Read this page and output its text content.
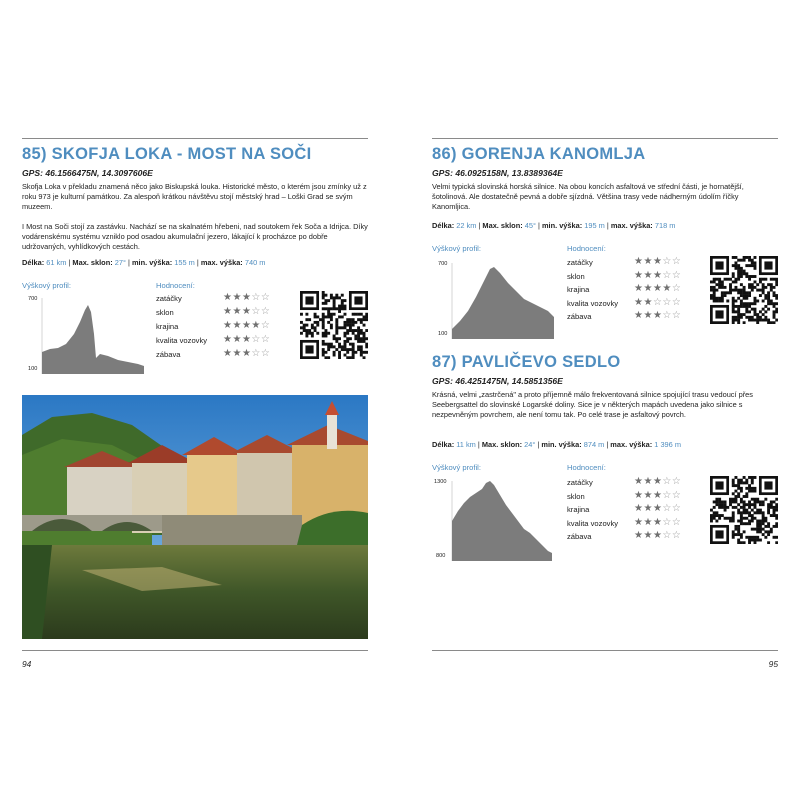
85) SKOFJA LOKA - MOST NA SOČI
GPS: 46.1566475N, 14.3097606E

Skofja Loka v překladu znamená něco jako Biskupská louka. Historické město, o kterém jsou zmínky už z roku 973 je kulturní památkou. Za alespoň krátkou návštěvu stojí městský hrad – Loški Grad se svým muzeem.

I Most na Soči stojí za zastávku. Nachází se na skalnatém hřebeni, nad soutokem řek Soča a Idrijca. Díky vodárenskému systému vzniklo pod osadou akumulační jezero, lákající k procházce po dobře udržovaných, vyhlídkových cestách.

Délka: 61 km | Max. sklon: 27° | min. výška: 155 m | max. výška: 740 m
Výškový profil:	Hodnocení:
700
100
zatáčky	★★★☆☆
sklon	★★★☆☆
krajina	★★★★☆
kvalita vozovky ★★★☆☆
zábava	★★★☆☆
94
86) GORENJA KANOMLJA
GPS: 46.0925158N, 13.8389364E

Velmi typická slovinská horská silnice. Na obou koncích asfaltová ve střední části, je hornatější, šotolinová. Ale dostatečně pevná a dobře sjízdná. Většina trasy vede nádherným údolím říčky Kanomljica.

Délka: 22 km | Max. sklon: 45° | min. výška: 195 m | max. výška: 718 m
Výškový profil:	Hodnocení:
700
100
zatáčky	★★★☆☆
sklon	★★★☆☆
krajina	★★★★☆
kvalita vozovky ★★☆☆☆
zábava	★★★☆☆
87) PAVLIČEVO SEDLO
GPS: 46.4251475N, 14.5851356E

Krásná, velmi „zastrčená" a proto příjemně málo frekventovaná silnice spojující trasu vedoucí přes Seebergsattel do slovinské Logarské doliny. Sice je v některých mapách uvedena jako silnice s nezpevněným povrchem, ale není tomu tak. Po celé trase je asfaltový povrch.

Délka: 11 km | Max. sklon: 24° | min. výška: 874 m | max. výška: 1 396 m
Výškový profil:	Hodnocení:
1300
800
zatáčky	★★★☆☆
sklon	★★★☆☆
krajina	★★★☆☆
kvalita vozovky ★★★☆☆
zábava	★★★☆☆
95
